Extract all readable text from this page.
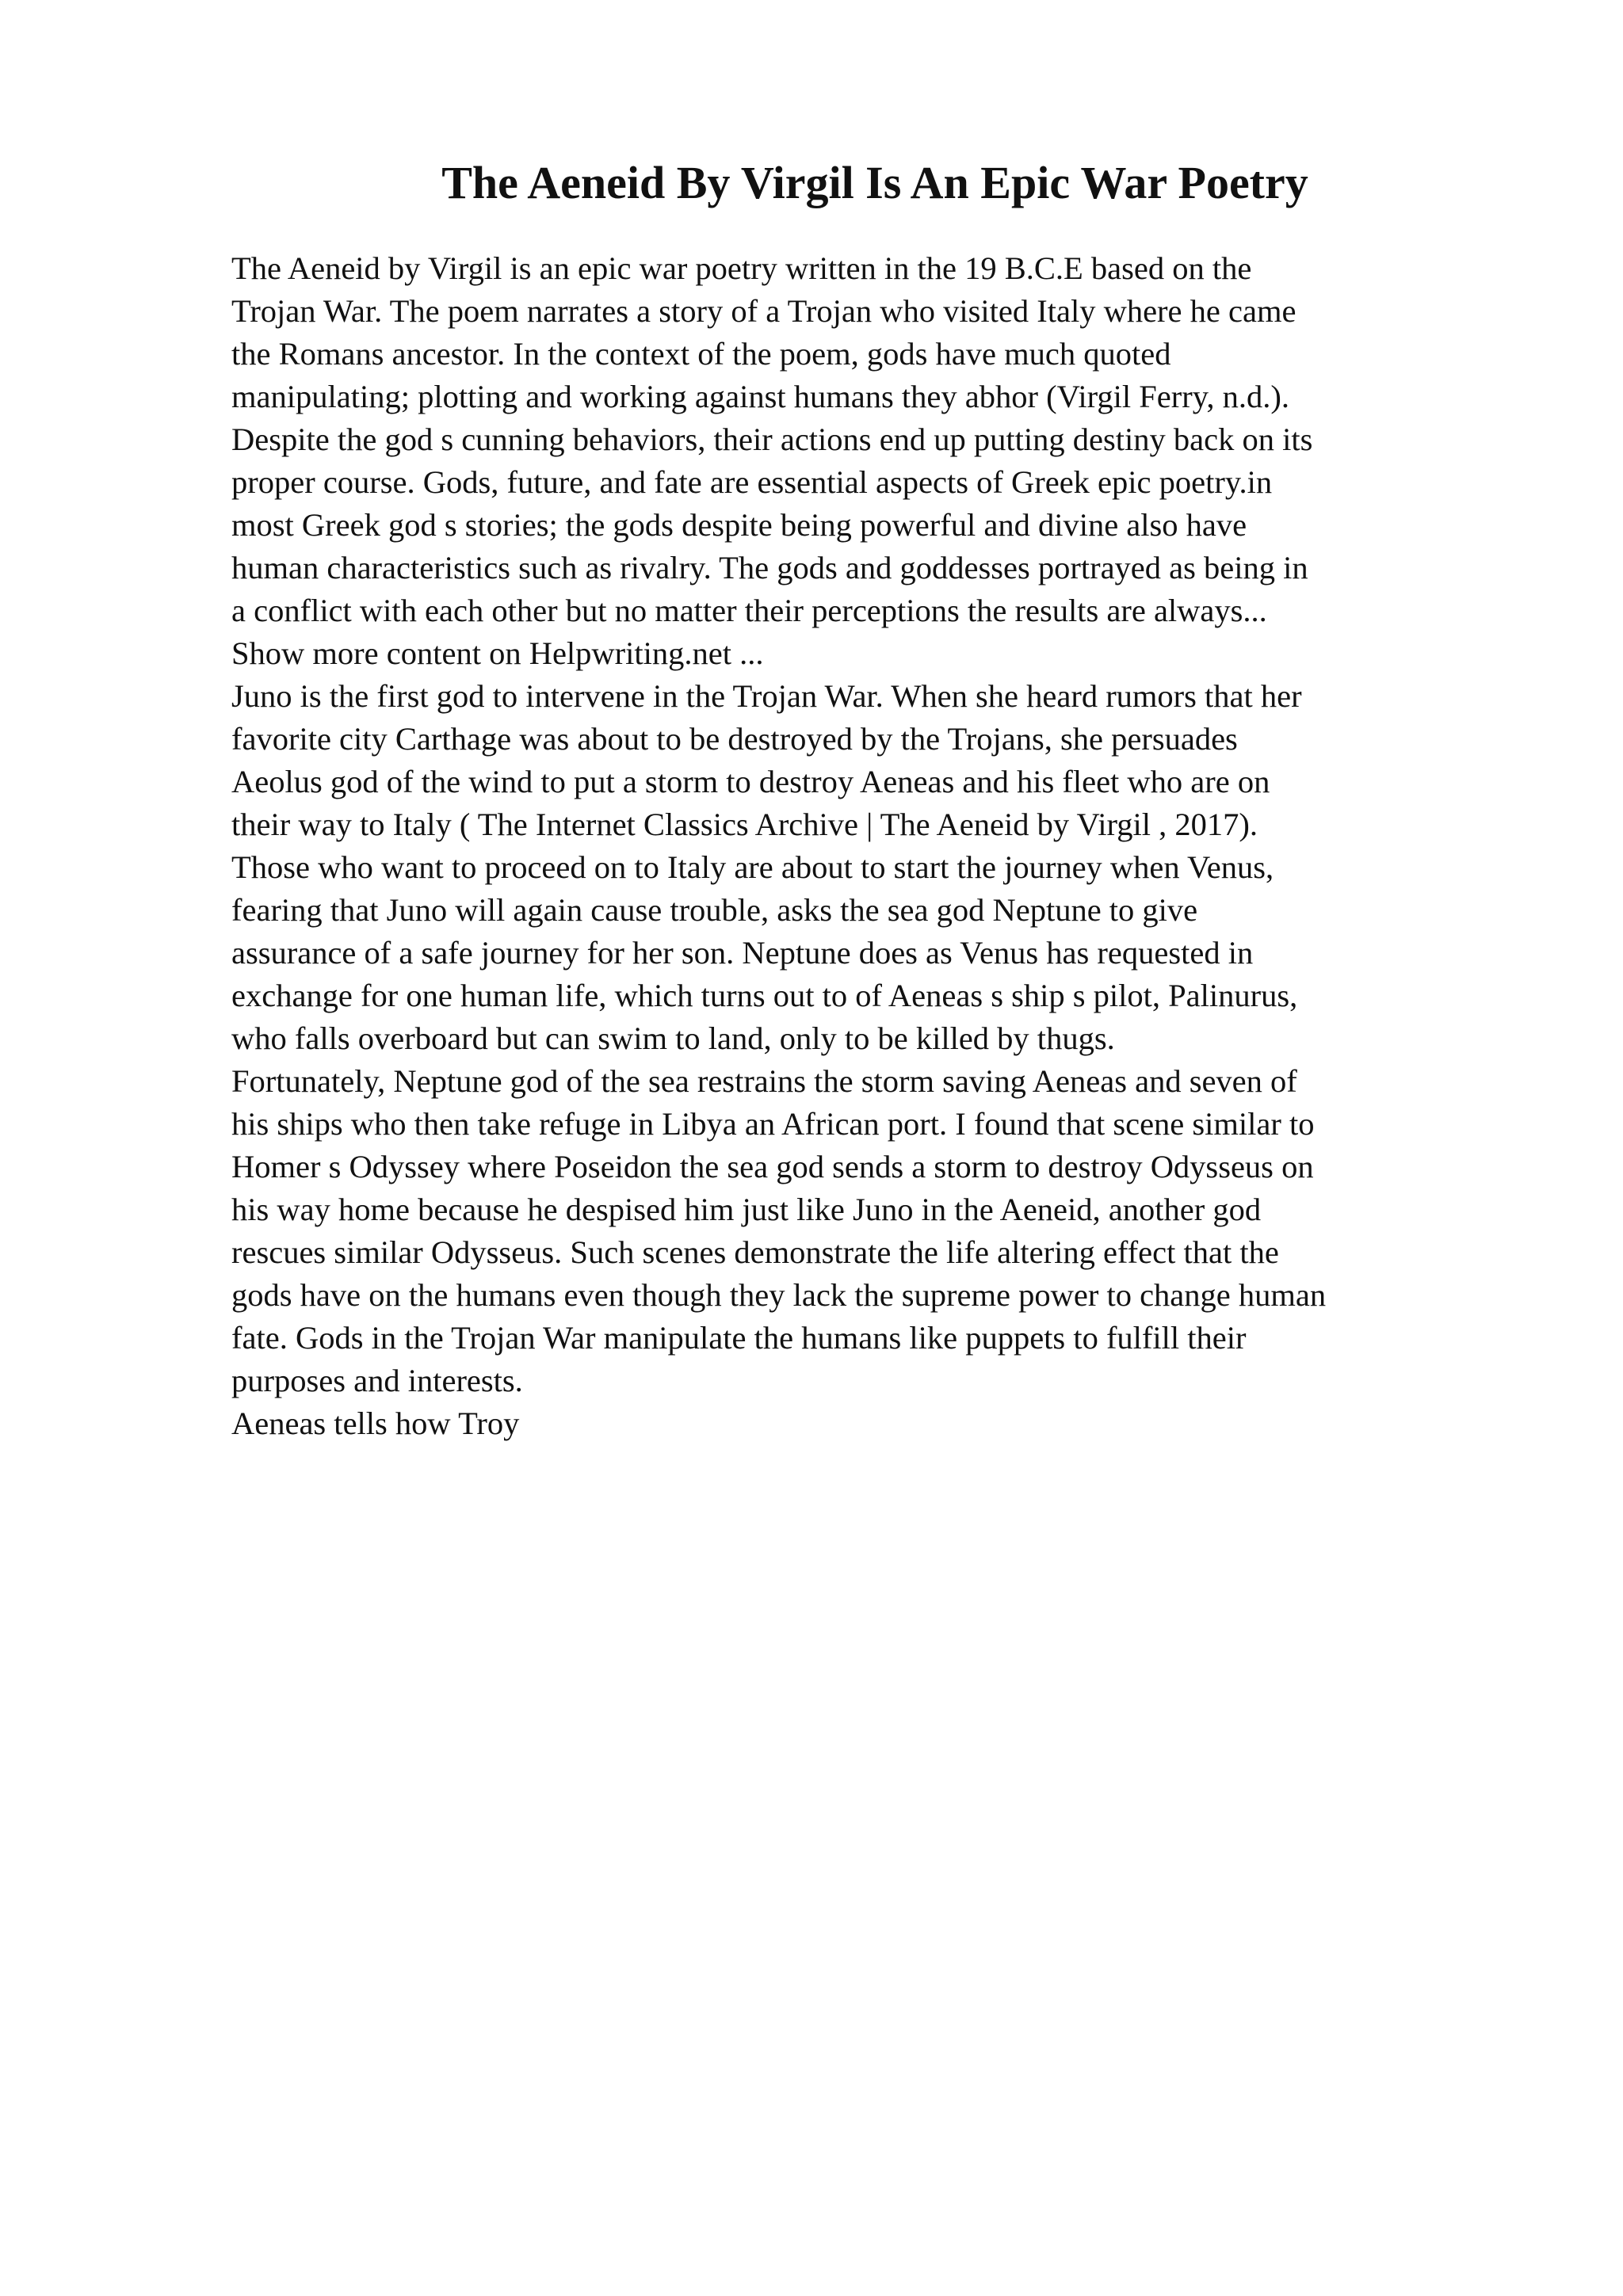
The Aeneid By Virgil Is An Epic War Poetry
The Aeneid by Virgil is an epic war poetry written in the 19 B.C.E based on the
Trojan War. The poem narrates a story of a Trojan who visited Italy where he came
the Romans ancestor. In the context of the poem, gods have much quoted
manipulating; plotting and working against humans they abhor (Virgil Ferry, n.d.).
Despite the god s cunning behaviors, their actions end up putting destiny back on its
proper course. Gods, future, and fate are essential aspects of Greek epic poetry.in
most Greek god s stories; the gods despite being powerful and divine also have
human characteristics such as rivalry. The gods and goddesses portrayed as being in
a conflict with each other but no matter their perceptions the results are always...
Show more content on Helpwriting.net ...
Juno is the first god to intervene in the Trojan War. When she heard rumors that her
favorite city Carthage was about to be destroyed by the Trojans, she persuades
Aeolus god of the wind to put a storm to destroy Aeneas and his fleet who are on
their way to Italy ( The Internet Classics Archive | The Aeneid by Virgil , 2017).
Those who want to proceed on to Italy are about to start the journey when Venus,
fearing that Juno will again cause trouble, asks the sea god Neptune to give
assurance of a safe journey for her son. Neptune does as Venus has requested in
exchange for one human life, which turns out to of Aeneas s ship s pilot, Palinurus,
who falls overboard but can swim to land, only to be killed by thugs.
Fortunately, Neptune god of the sea restrains the storm saving Aeneas and seven of
his ships who then take refuge in Libya an African port. I found that scene similar to
Homer s Odyssey where Poseidon the sea god sends a storm to destroy Odysseus on
his way home because he despised him just like Juno in the Aeneid, another god
rescues similar Odysseus. Such scenes demonstrate the life altering effect that the
gods have on the humans even though they lack the supreme power to change human
fate. Gods in the Trojan War manipulate the humans like puppets to fulfill their
purposes and interests.
Aeneas tells how Troy
